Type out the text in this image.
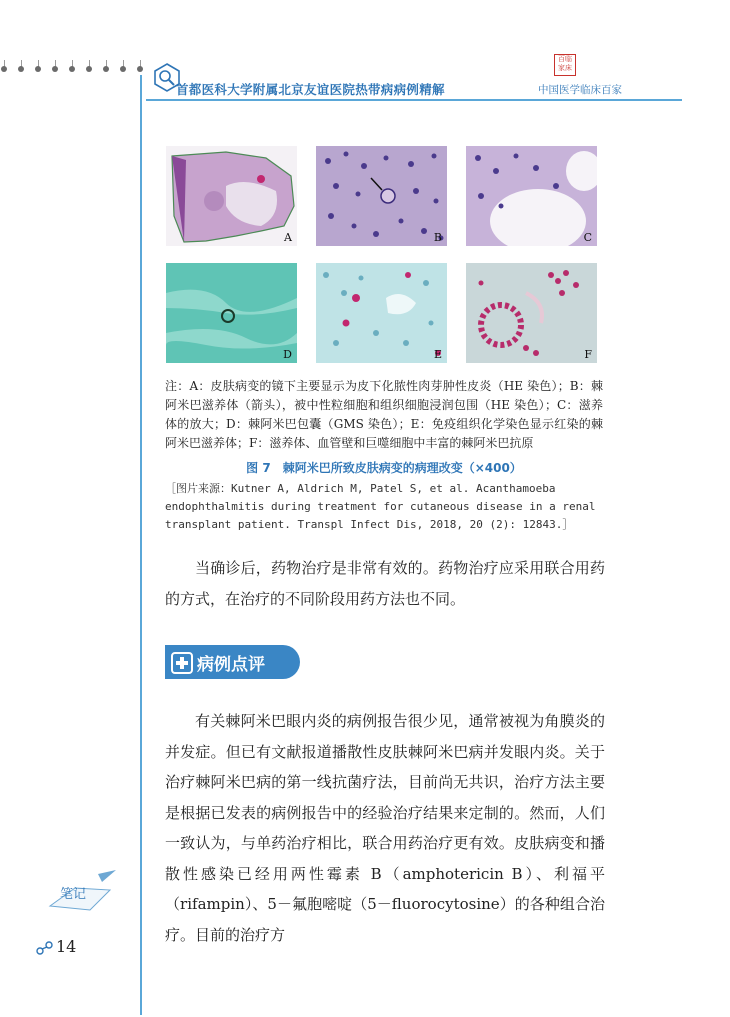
首都医科大学附属北京友谊医院热带病病例精解
百临
家床
中国医学临床百家
A	B	C
D	E	F
注：A：皮肤病变的镜下主要显示为皮下化脓性肉芽肿性皮炎（HE 染色）；B：棘阿米巴滋养体（箭头），被中性粒细胞和组织细胞浸润包围（HE 染色）；C：滋养体的放大；D：棘阿米巴包囊（GMS 染色）；E：免疫组织化学染色显示红染的棘阿米巴滋养体；F：滋养体、血管壁和巨噬细胞中丰富的棘阿米巴抗原
图 7　棘阿米巴所致皮肤病变的病理改变（×400）
［图片来源：Kutner A, Aldrich M, Patel S, et al. Acanthamoeba endophthalmitis during treatment for cutaneous disease in a renal transplant patient. Transpl Infect Dis, 2018, 20 (2): 12843.］
当确诊后，药物治疗是非常有效的。药物治疗应采用联合用药的方式，在治疗的不同阶段用药方法也不同。
病例点评
有关棘阿米巴眼内炎的病例报告很少见，通常被视为角膜炎的并发症。但已有文献报道播散性皮肤棘阿米巴病并发眼内炎。关于治疗棘阿米巴病的第一线抗菌疗法，目前尚无共识，治疗方法主要是根据已发表的病例报告中的经验治疗结果来定制的。然而，人们一致认为，与单药治疗相比，联合用药治疗更有效。皮肤病变和播散性感染已经用两性霉素 B（amphotericin B）、利福平（rifampin）、5－氟胞嘧啶（5－fluorocytosine）的各种组合治疗。目前的治疗方
笔记
14
